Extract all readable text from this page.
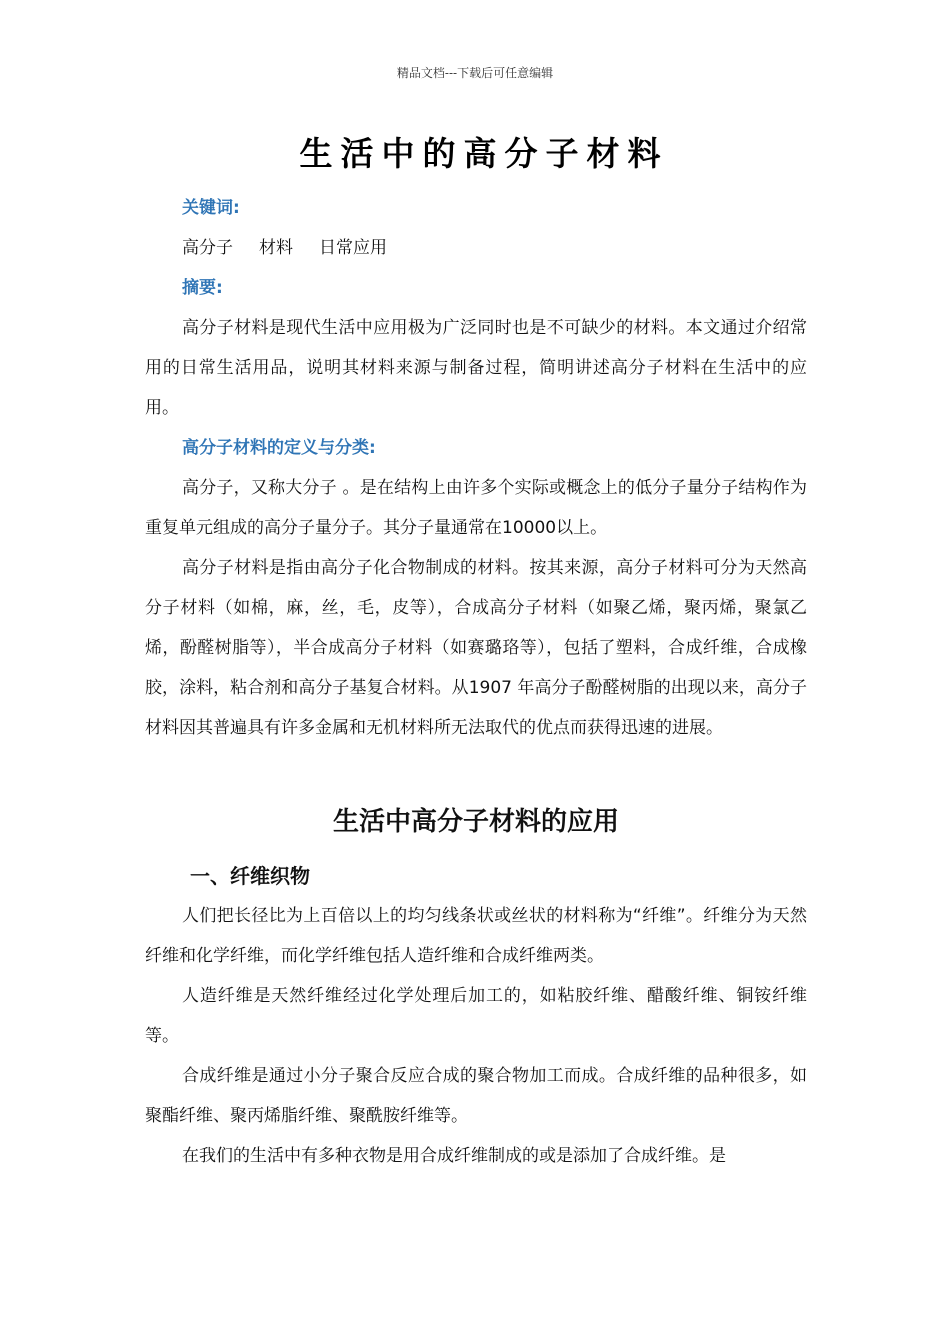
精品文档---下载后可任意编辑
生活中的高分子材料

关键词:

高分子 材料 日常应用

摘要:

高分子材料是现代生活中应用极为广泛同时也是不可缺少的材料。本文通过介绍常用的日常生活用品，说明其材料来源与制备过程，简明讲述高分子材料在生活中的应用。

高分子材料的定义与分类:

高分子，又称大分子 。是在结构上由许多个实际或概念上的低分子量分子结构作为重复单元组成的高分子量分子。其分子量通常在10000以上。

高分子材料是指由高分子化合物制成的材料。按其来源，高分子材料可分为天然高分子材料（如棉，麻，丝，毛，皮等），合成高分子材料（如聚乙烯，聚丙烯，聚氯乙烯，酚醛树脂等），半合成高分子材料（如赛璐珞等），包括了塑料，合成纤维，合成橡胶，涂料，粘合剂和高分子基复合材料。从1907 年高分子酚醛树脂的出现以来，高分子材料因其普遍具有许多金属和无机材料所无法取代的优点而获得迅速的进展。

生活中高分子材料的应用
一、纤维织物

人们把长径比为上百倍以上的均匀线条状或丝状的材料称为“纤维”。纤维分为天然纤维和化学纤维，而化学纤维包括人造纤维和合成纤维两类。

人造纤维是天然纤维经过化学处理后加工的，如粘胶纤维、醋酸纤维、铜铵纤维等。

合成纤维是通过小分子聚合反应合成的聚合物加工而成。合成纤维的品种很多，如聚酯纤维、聚丙烯脂纤维、聚酰胺纤维等。

在我们的生活中有多种衣物是用合成纤维制成的或是添加了合成纤维。是
